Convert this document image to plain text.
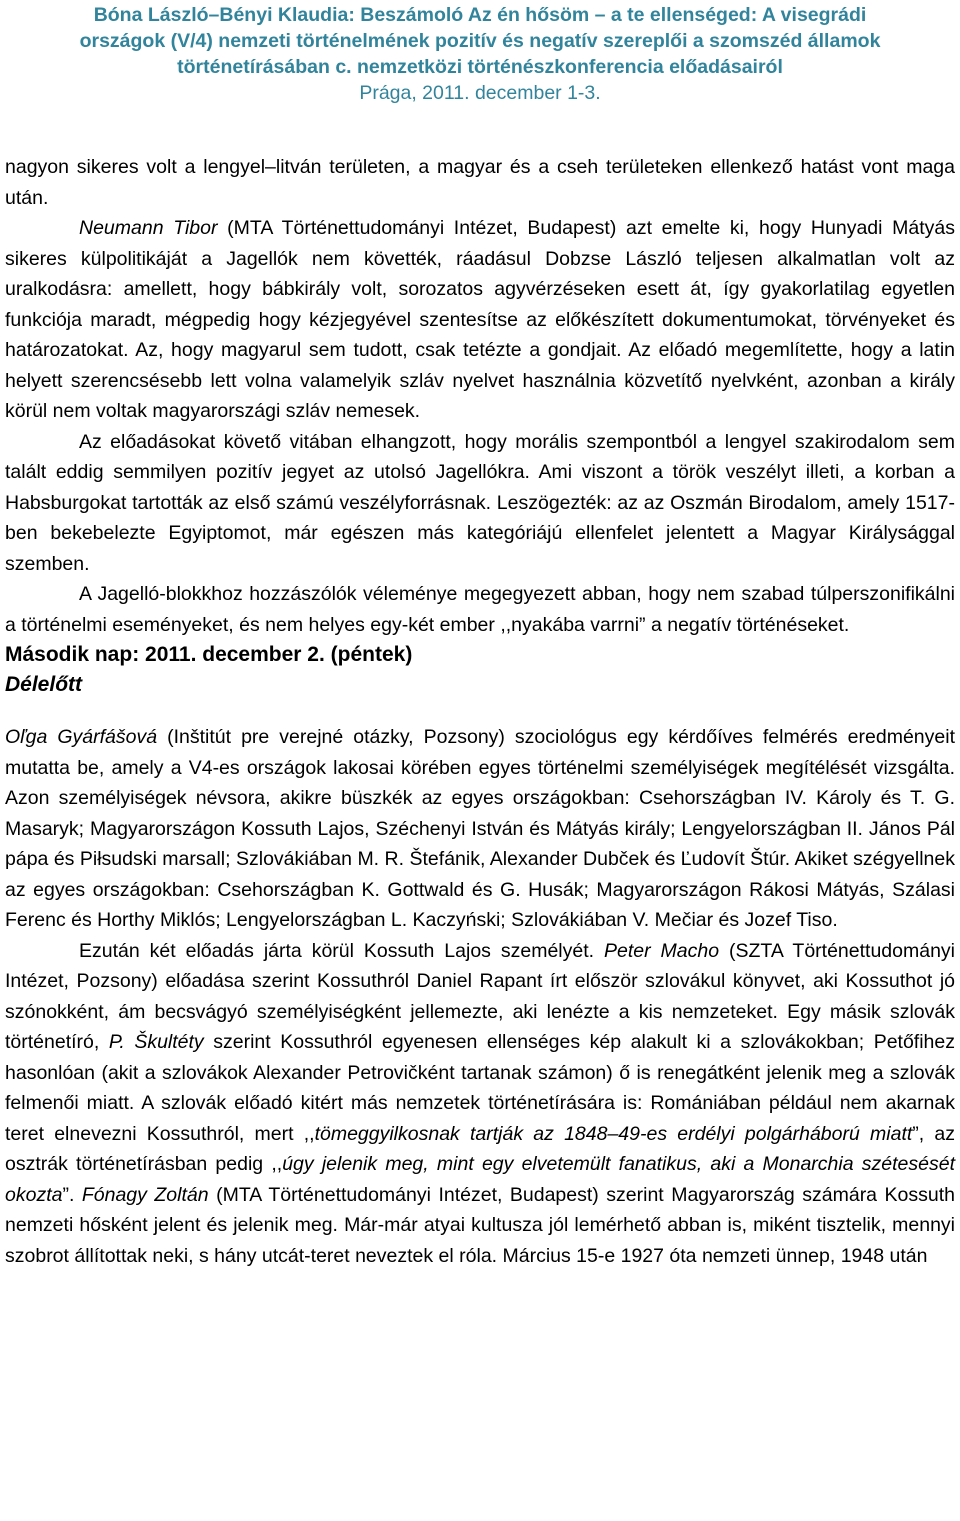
Bóna László–Bényi Klaudia: Beszámoló Az én hősöm – a te ellenséged: A visegrádi
országok (V/4) nemzeti történelmének pozitív és negatív szereplői a szomszéd államok
történetírásában c. nemzetközi történészkonferencia előadásairól
Prága, 2011. december 1-3.

nagyon sikeres volt a lengyel–litván területen, a magyar és a cseh területeken ellenkező hatást vont maga után.

Neumann Tibor (MTA Történettudományi Intézet, Budapest) azt emelte ki, hogy Hunyadi Mátyás sikeres külpolitikáját a Jagellók nem követték, ráadásul Dobzse László teljesen alkalmatlan volt az uralkodásra: amellett, hogy bábkirály volt, sorozatos agyvérzéseken esett át, így gyakorlatilag egyetlen funkciója maradt, mégpedig hogy kézjegyével szentesítse az előkészített dokumentumokat, törvényeket és határozatokat. Az, hogy magyarul sem tudott, csak tetézte a gondjait. Az előadó megemlítette, hogy a latin helyett szerencsésebb lett volna valamelyik szláv nyelvet használnia közvetítő nyelvként, azonban a király körül nem voltak magyarországi szláv nemesek.

Az előadásokat követő vitában elhangzott, hogy morális szempontból a lengyel szakirodalom sem talált eddig semmilyen pozitív jegyet az utolsó Jagellókra. Ami viszont a török veszélyt illeti, a korban a Habsburgokat tartották az első számú veszélyforrásnak. Leszögezték: az az Oszmán Birodalom, amely 1517-ben bekebelezte Egyiptomot, már egészen más kategóriájú ellenfelet jelentett a Magyar Királysággal szemben.

A Jagelló-blokkhoz hozzászólók véleménye megegyezett abban, hogy nem szabad túlperszonifikálni a történelmi eseményeket, és nem helyes egy-két ember ,,nyakába varrni” a negatív történéseket.

Második nap: 2011. december 2. (péntek)

Délelőtt

Oľga Gyárfášová (Inštitút pre verejné otázky, Pozsony) szociológus egy kérdőíves felmérés eredményeit mutatta be, amely a V4-es országok lakosai körében egyes történelmi személyiségek megítélését vizsgálta. Azon személyiségek névsora, akikre büszkék az egyes országokban: Csehországban IV. Károly és T. G. Masaryk; Magyarországon Kossuth Lajos, Széchenyi István és Mátyás király; Lengyelországban II. János Pál pápa és Piłsudski marsall; Szlovákiában M. R. Štefánik, Alexander Dubček és Ľudovít Štúr. Akiket szégyellnek az egyes országokban: Csehországban K. Gottwald és G. Husák; Magyarországon Rákosi Mátyás, Szálasi Ferenc és Horthy Miklós; Lengyelországban L. Kaczyński; Szlovákiában V. Mečiar és Jozef Tiso.

Ezután két előadás járta körül Kossuth Lajos személyét. Peter Macho (SZTA Történettudományi Intézet, Pozsony) előadása szerint Kossuthról Daniel Rapant írt először szlovákul könyvet, aki Kossuthot jó szónokként, ám becsvágyó személyiségként jellemezte, aki lenézte a kis nemzeteket. Egy másik szlovák történetíró, P. Škultéty szerint Kossuthról egyenesen ellenséges kép alakult ki a szlovákokban; Petőfihez hasonlóan (akit a szlovákok Alexander Petrovičként tartanak számon) ő is renegátként jelenik meg a szlovák felmenői miatt. A szlovák előadó kitért más nemzetek történetírására is: Romániában például nem akarnak teret elnevezni Kossuthról, mert ,,tömeggyilkosnak tartják az 1848–49-es erdélyi polgárháború miatt”, az osztrák történetírásban pedig ,,úgy jelenik meg, mint egy elvetemült fanatikus, aki a Monarchia szétesését okozta”. Fónagy Zoltán (MTA Történettudományi Intézet, Budapest) szerint Magyarország számára Kossuth nemzeti hősként jelent és jelenik meg. Már-már atyai kultusza jól lemérhető abban is, miként tisztelik, mennyi szobrot állítottak neki, s hány utcát-teret neveztek el róla. Március 15-e 1927 óta nemzeti ünnep, 1948 után
